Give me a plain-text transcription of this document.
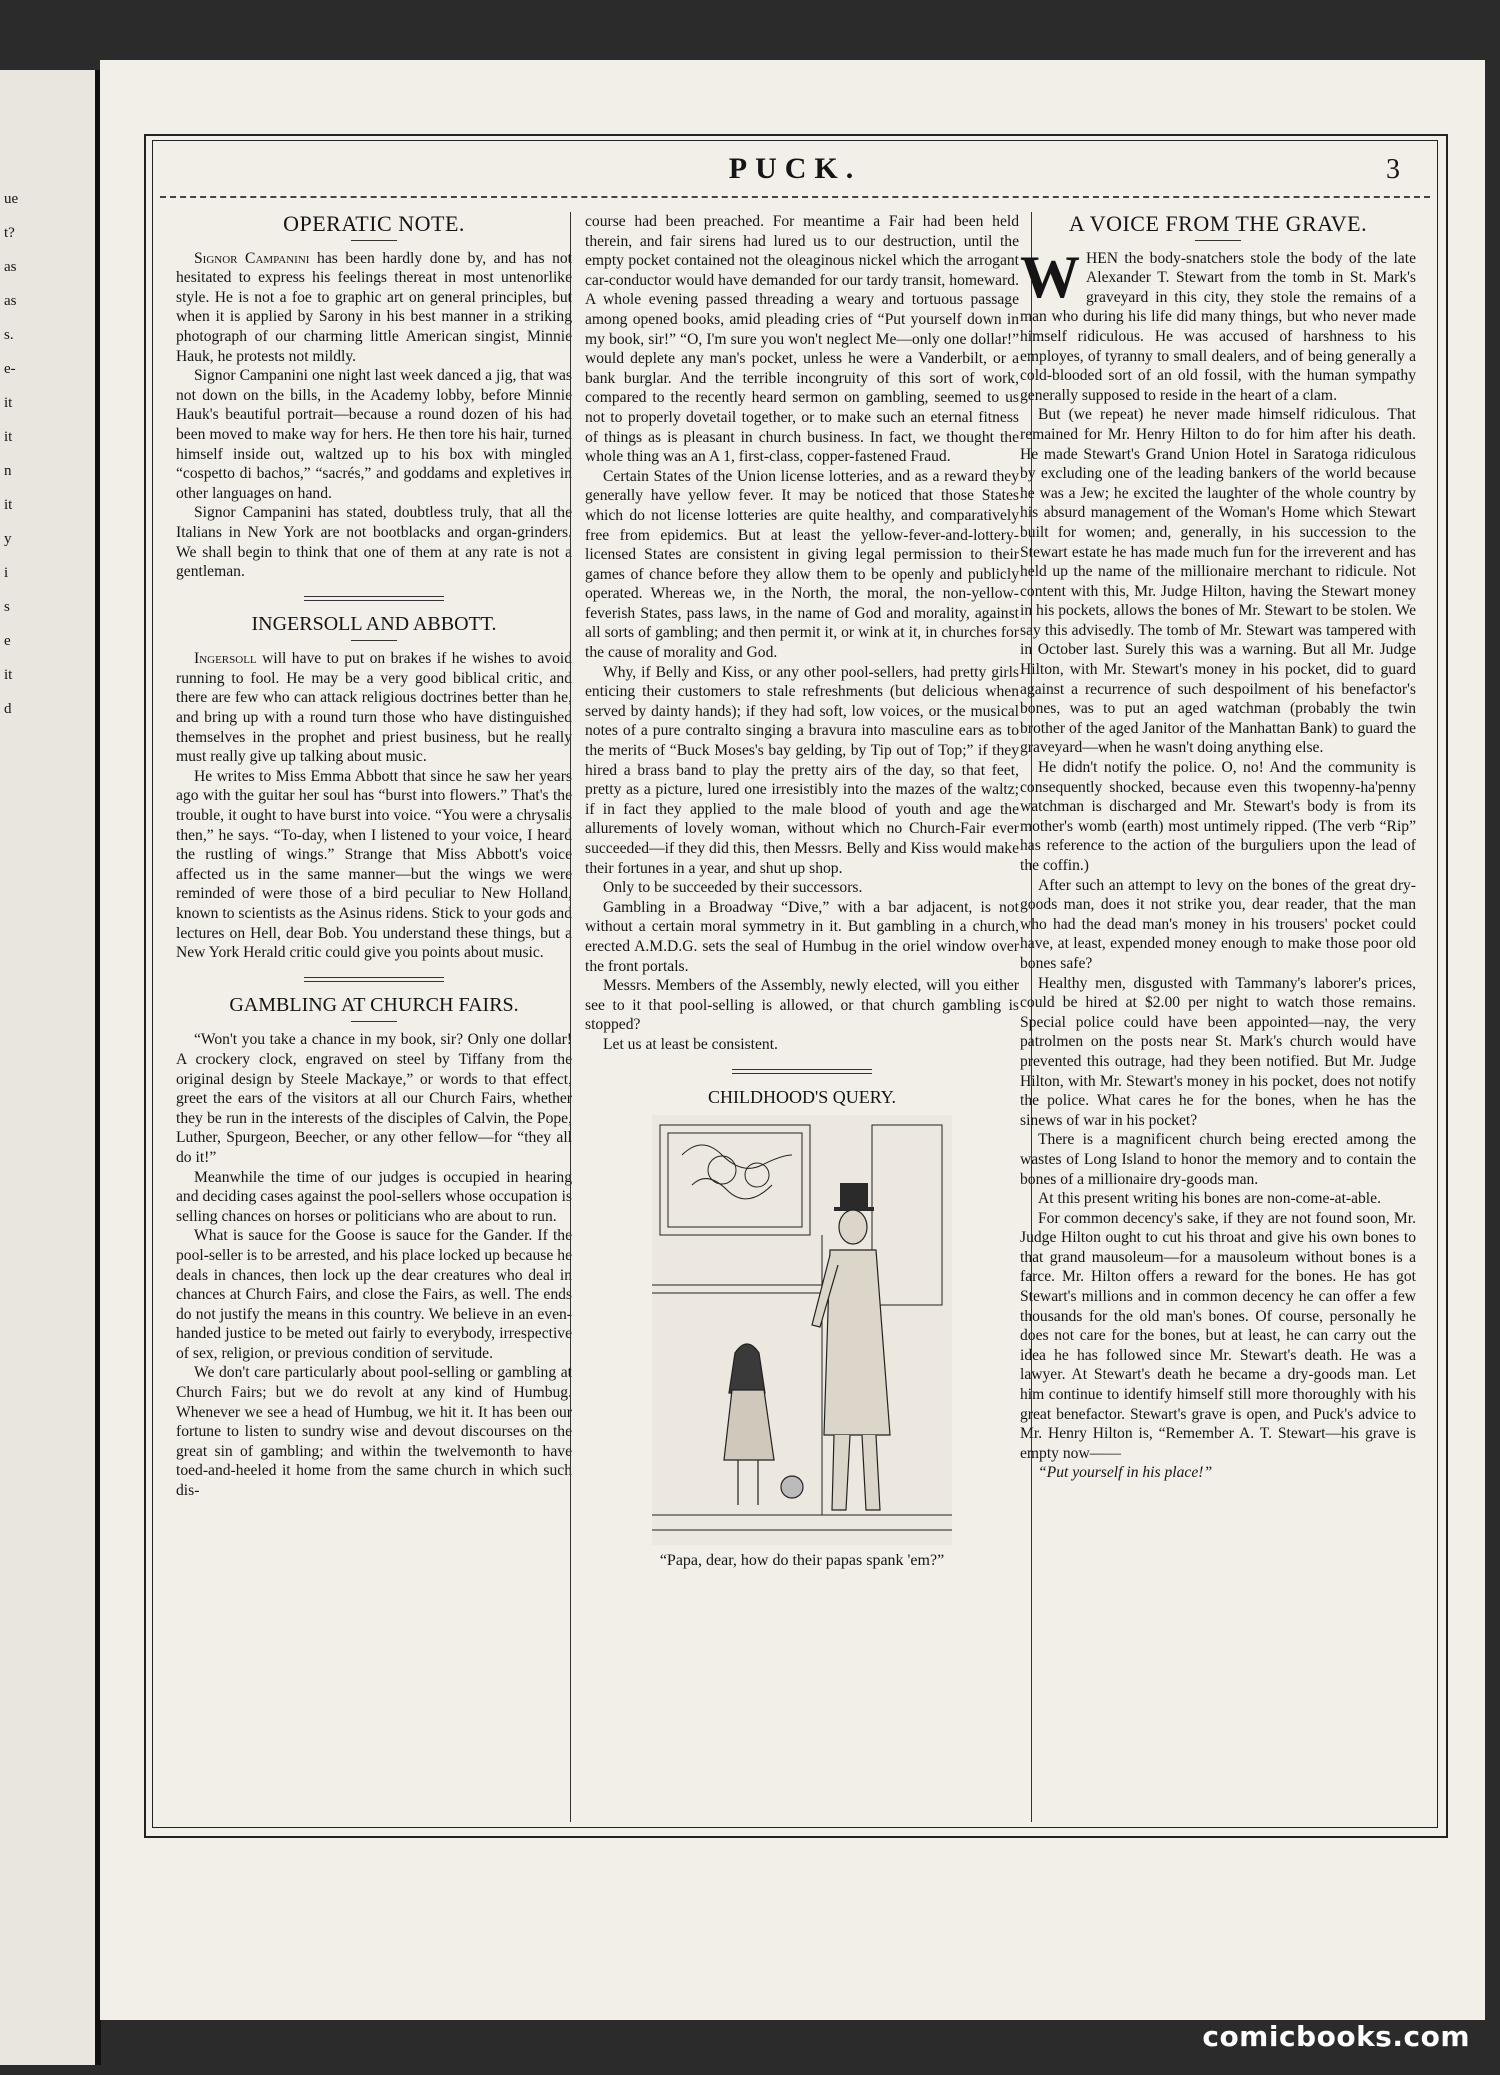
ue
t?
as
as
s.
e-
it
it
n
it
y
i
s
e
it
d
PUCK.	3
OPERATIC NOTE.

Signor Campanini has been hardly done by, and has not hesitated to express his feelings thereat in most untenorlike style. He is not a foe to graphic art on general principles, but when it is applied by Sarony in his best manner in a striking photograph of our charming little American singist, Minnie Hauk, he protests not mildly.

Signor Campanini one night last week danced a jig, that was not down on the bills, in the Academy lobby, before Minnie Hauk's beautiful portrait—because a round dozen of his had been moved to make way for hers. He then tore his hair, turned himself inside out, waltzed up to his box with mingled “cospetto di bachos,” “sacrés,” and goddams and expletives in other languages on hand.

Signor Campanini has stated, doubtless truly, that all the Italians in New York are not bootblacks and organ-grinders. We shall begin to think that one of them at any rate is not a gentleman.

INGERSOLL AND ABBOTT.

Ingersoll will have to put on brakes if he wishes to avoid running to fool. He may be a very good biblical critic, and there are few who can attack religious doctrines better than he, and bring up with a round turn those who have distinguished themselves in the prophet and priest business, but he really must really give up talking about music.

He writes to Miss Emma Abbott that since he saw her years ago with the guitar her soul has “burst into flowers.” That's the trouble, it ought to have burst into voice. “You were a chrysalis then,” he says. “To-day, when I listened to your voice, I heard the rustling of wings.” Strange that Miss Abbott's voice affected us in the same manner—but the wings we were reminded of were those of a bird peculiar to New Holland, known to scientists as the Asinus ridens. Stick to your gods and lectures on Hell, dear Bob. You understand these things, but a New York Herald critic could give you points about music.

GAMBLING AT CHURCH FAIRS.

“Won't you take a chance in my book, sir? Only one dollar! A crockery clock, engraved on steel by Tiffany from the original design by Steele Mackaye,” or words to that effect, greet the ears of the visitors at all our Church Fairs, whether they be run in the interests of the disciples of Calvin, the Pope, Luther, Spurgeon, Beecher, or any other fellow—for “they all do it!”

Meanwhile the time of our judges is occupied in hearing and deciding cases against the pool-sellers whose occupation is selling chances on horses or politicians who are about to run.

What is sauce for the Goose is sauce for the Gander. If the pool-seller is to be arrested, and his place locked up because he deals in chances, then lock up the dear creatures who deal in chances at Church Fairs, and close the Fairs, as well. The ends do not justify the means in this country. We believe in an even-handed justice to be meted out fairly to everybody, irrespective of sex, religion, or previous condition of servitude.

We don't care particularly about pool-selling or gambling at Church Fairs; but we do revolt at any kind of Humbug. Whenever we see a head of Humbug, we hit it. It has been our fortune to listen to sundry wise and devout discourses on the great sin of gambling; and within the twelvemonth to have toed-and-heeled it home from the same church in which such dis-

course had been preached. For meantime a Fair had been held therein, and fair sirens had lured us to our destruction, until the empty pocket contained not the oleaginous nickel which the arrogant car-conductor would have demanded for our tardy transit, homeward. A whole evening passed threading a weary and tortuous passage among opened books, amid pleading cries of “Put yourself down in my book, sir!” “O, I'm sure you won't neglect Me—only one dollar!” would deplete any man's pocket, unless he were a Vanderbilt, or a bank burglar. And the terrible incongruity of this sort of work, compared to the recently heard sermon on gambling, seemed to us not to properly dovetail together, or to make such an eternal fitness of things as is pleasant in church business. In fact, we thought the whole thing was an A 1, first-class, copper-fastened Fraud.

Certain States of the Union license lotteries, and as a reward they generally have yellow fever. It may be noticed that those States which do not license lotteries are quite healthy, and comparatively free from epidemics. But at least the yellow-fever-and-lottery-licensed States are consistent in giving legal permission to their games of chance before they allow them to be openly and publicly operated. Whereas we, in the North, the moral, the non-yellow-feverish States, pass laws, in the name of God and morality, against all sorts of gambling; and then permit it, or wink at it, in churches for the cause of morality and God.

Why, if Belly and Kiss, or any other pool-sellers, had pretty girls enticing their customers to stale refreshments (but delicious when served by dainty hands); if they had soft, low voices, or the musical notes of a pure contralto singing a bravura into masculine ears as to the merits of “Buck Moses's bay gelding, by Tip out of Top;” if they hired a brass band to play the pretty airs of the day, so that feet, pretty as a picture, lured one irresistibly into the mazes of the waltz; if in fact they applied to the male blood of youth and age the allurements of lovely woman, without which no Church-Fair ever succeeded—if they did this, then Messrs. Belly and Kiss would make their fortunes in a year, and shut up shop.

Only to be succeeded by their successors.

Gambling in a Broadway “Dive,” with a bar adjacent, is not without a certain moral symmetry in it. But gambling in a church, erected A.M.D.G. sets the seal of Humbug in the oriel window over the front portals.

Messrs. Members of the Assembly, newly elected, will you either see to it that pool-selling is allowed, or that church gambling is stopped?

Let us at least be consistent.

CHILDHOOD'S QUERY.
“Papa, dear, how do their papas spank 'em?”
A VOICE FROM THE GRAVE.

WHEN the body-snatchers stole the body of the late Alexander T. Stewart from the tomb in St. Mark's graveyard in this city, they stole the remains of a man who during his life did many things, but who never made himself ridiculous. He was accused of harshness to his employes, of tyranny to small dealers, and of being generally a cold-blooded sort of an old fossil, with the human sympathy generally supposed to reside in the heart of a clam.

But (we repeat) he never made himself ridiculous. That remained for Mr. Henry Hilton to do for him after his death. He made Stewart's Grand Union Hotel in Saratoga ridiculous by excluding one of the leading bankers of the world because he was a Jew; he excited the laughter of the whole country by his absurd management of the Woman's Home which Stewart built for women; and, generally, in his succession to the Stewart estate he has made much fun for the irreverent and has held up the name of the millionaire merchant to ridicule. Not content with this, Mr. Judge Hilton, having the Stewart money in his pockets, allows the bones of Mr. Stewart to be stolen. We say this advisedly. The tomb of Mr. Stewart was tampered with in October last. Surely this was a warning. But all Mr. Judge Hilton, with Mr. Stewart's money in his pocket, did to guard against a recurrence of such despoilment of his benefactor's bones, was to put an aged watchman (probably the twin brother of the aged Janitor of the Manhattan Bank) to guard the graveyard—when he wasn't doing anything else.

He didn't notify the police. O, no! And the community is consequently shocked, because even this twopenny-ha'penny watchman is discharged and Mr. Stewart's body is from its mother's womb (earth) most untimely ripped. (The verb “Rip” has reference to the action of the burguliers upon the lead of the coffin.)

After such an attempt to levy on the bones of the great dry-goods man, does it not strike you, dear reader, that the man who had the dead man's money in his trousers' pocket could have, at least, expended money enough to make those poor old bones safe?

Healthy men, disgusted with Tammany's laborer's prices, could be hired at $2.00 per night to watch those remains. Special police could have been appointed—nay, the very patrolmen on the posts near St. Mark's church would have prevented this outrage, had they been notified. But Mr. Judge Hilton, with Mr. Stewart's money in his pocket, does not notify the police. What cares he for the bones, when he has the sinews of war in his pocket?

There is a magnificent church being erected among the wastes of Long Island to honor the memory and to contain the bones of a millionaire dry-goods man.

At this present writing his bones are non-come-at-able.

For common decency's sake, if they are not found soon, Mr. Judge Hilton ought to cut his throat and give his own bones to that grand mausoleum—for a mausoleum without bones is a farce. Mr. Hilton offers a reward for the bones. He has got Stewart's millions and in common decency he can offer a few thousands for the old man's bones. Of course, personally he does not care for the bones, but at least, he can carry out the idea he has followed since Mr. Stewart's death. He was a lawyer. At Stewart's death he became a dry-goods man. Let him continue to identify himself still more thoroughly with his great benefactor. Stewart's grave is open, and Puck's advice to Mr. Henry Hilton is, “Remember A. T. Stewart—his grave is empty now——

“Put yourself in his place!”

comicbooks.com
